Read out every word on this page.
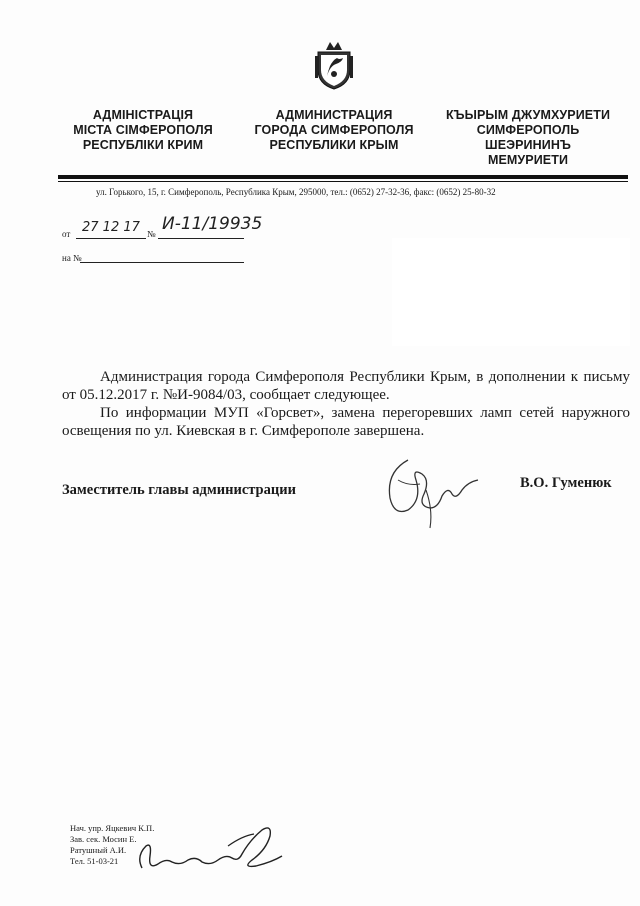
АДМІНІСТРАЦІЯ
МІСТА СІМФЕРОПОЛЯ
РЕСПУБЛІКИ КРИМ
АДМИНИСТРАЦИЯ
ГОРОДА СИМФЕРОПОЛЯ
РЕСПУБЛИКИ КРЫМ
КЪЫРЫМ ДЖУМХУРИЕТИ
СИМФЕРОПОЛЬ
ШЕЭРИНИНЪ
МЕМУРИЕТИ
ул. Горького, 15, г. Симферополь, Республика Крым, 295000, тел.: (0652) 27-32-36, факс: (0652) 25-80-32
от 27 12 17 № И-11/19935
на №

Администрация города Симферополя Республики Крым, в дополнении к письму от 05.12.2017 г. №И-9084/03, сообщает следующее.

По информации МУП «Горсвет», замена перегоревших ламп сетей наружного освещения по ул. Киевская в г. Симферополе завершена.

Заместитель главы администрации	В.О. Гуменюк
Нач. упр. Яцкевич К.П.
Зав. сек. Мосин Е.
Ратушный А.И.
Тел. 51-03-21
